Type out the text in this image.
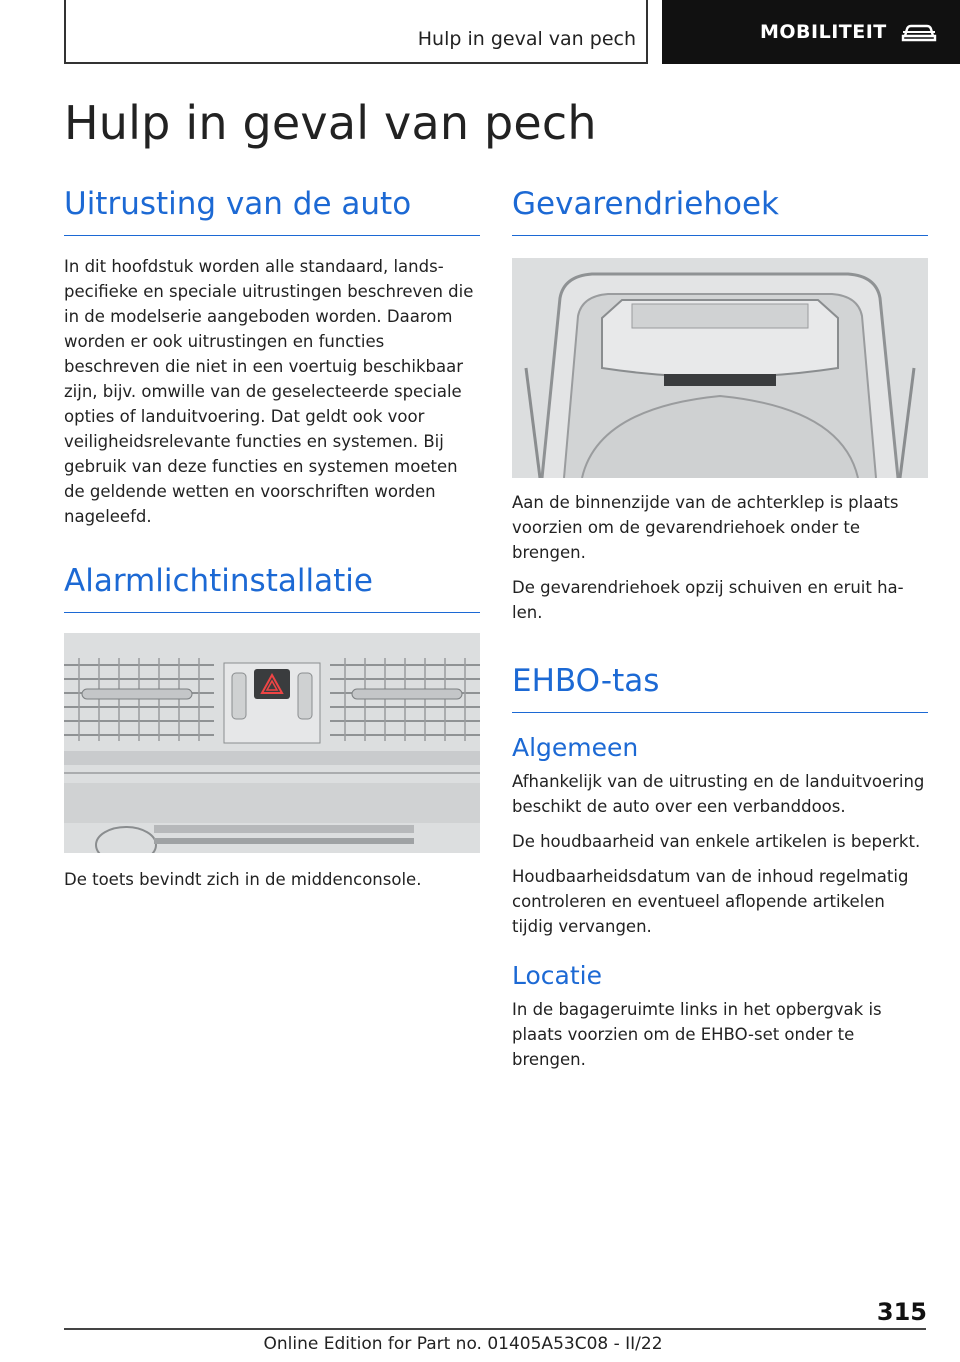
Hulp in geval van pech	MOBILITEIT
Hulp in geval van pech
Uitrusting van de auto

In dit hoofdstuk worden alle standaard, landspecifieke en speciale uitrustingen beschreven die in de modelserie aangeboden worden. Daarom worden er ook uitrustingen en functies beschreven die niet in een voertuig beschikbaar zijn, bijv. omwille van de geselecteerde speciale opties of landuitvoering. Dat geldt ook voor veiligheidsrelevante functies en systemen. Bij gebruik van deze functies en systemen moeten de geldende wetten en voorschriften worden nageleefd.

Alarmlichtinstallatie

De toets bevindt zich in de middenconsole.

Gevarendriehoek

Aan de binnenzijde van de achterklep is plaats voorzien om de gevarendriehoek onder te brengen.

De gevarendriehoek opzij schuiven en eruit halen.

EHBO-tas
Algemeen

Afhankelijk van de uitrusting en de landuitvoering beschikt de auto over een verbanddoos.

De houdbaarheid van enkele artikelen is beperkt.

Houdbaarheidsdatum van de inhoud regelmatig controleren en eventueel aflopende artikelen tijdig vervangen.

Locatie

In de bagageruimte links in het opbergvak is plaats voorzien om de EHBO-set onder te brengen.

315
Online Edition for Part no. 01405A53C08 - II/22
